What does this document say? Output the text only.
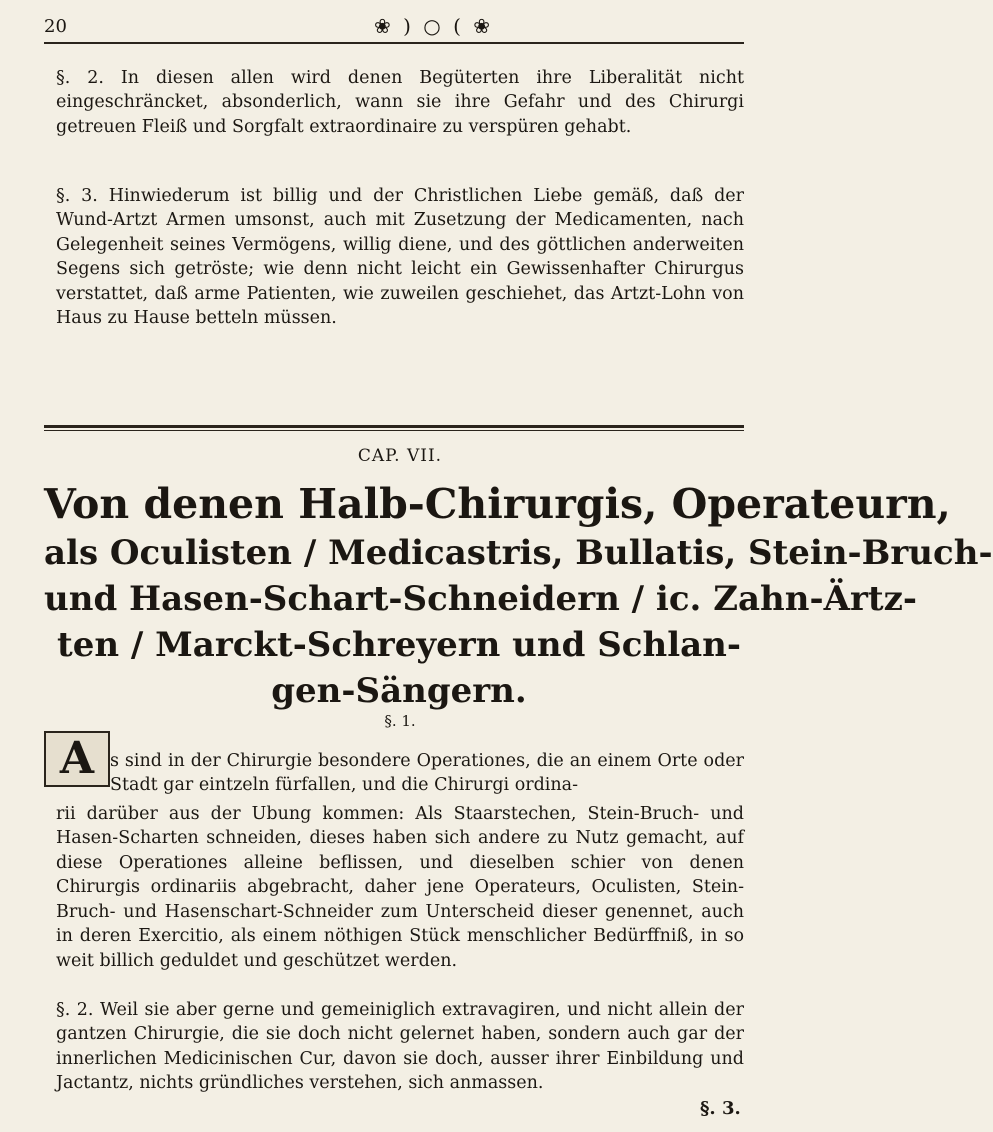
20	❀ ) ○ ( ❀

§. 2. In diesen allen wird denen Begüterten ihre Liberalität nicht eingeschräncket, absonderlich, wann sie ihre Gefahr und des Chirurgi getreuen Fleiß und Sorgfalt extraordinaire zu verspüren gehabt.

§. 3. Hinwiederum ist billig und der Christlichen Liebe gemäß, daß der Wund-Artzt Armen umsonst, auch mit Zusetzung der Medicamenten, nach Gelegenheit seines Vermögens, willig diene, und des göttlichen anderweiten Segens sich getröste; wie denn nicht leicht ein Gewissenhafter Chirurgus verstattet, daß arme Patienten, wie zuweilen geschiehet, das Artzt-Lohn von Haus zu Hause betteln müssen.

CAP. VII.
Von denen Halb-Chirurgis, Operateurn,
als Oculisten / Medicastris, Bullatis, Stein-Bruch-
und Hasen-Schart-Schneidern / ic. Zahn-Ärtz-
ten / Marckt-Schreyern und Schlan-
gen-Sängern.
§. 1.
A s sind in der Chirurgie besondere Operationes, die an einem Orte oder Stadt gar eintzeln fürfallen, und die Chirurgi ordina-

rii darüber aus der Ubung kommen: Als Staarstechen, Stein-Bruch- und Hasen-Scharten schneiden, dieses haben sich andere zu Nutz gemacht, auf diese Operationes alleine beflissen, und dieselben schier von denen Chirurgis ordinariis abgebracht, daher jene Operateurs, Oculisten, Stein-Bruch- und Hasenschart-Schneider zum Unterscheid dieser genennet, auch in deren Exercitio, als einem nöthigen Stück menschlicher Bedürffniß, in so weit billich geduldet und geschützet werden.

§. 2. Weil sie aber gerne und gemeiniglich extravagiren, und nicht allein der gantzen Chirurgie, die sie doch nicht gelernet haben, sondern auch gar der innerlichen Medicinischen Cur, davon sie doch, ausser ihrer Einbildung und Jactantz, nichts gründliches verstehen, sich anmassen.

§. 3.
